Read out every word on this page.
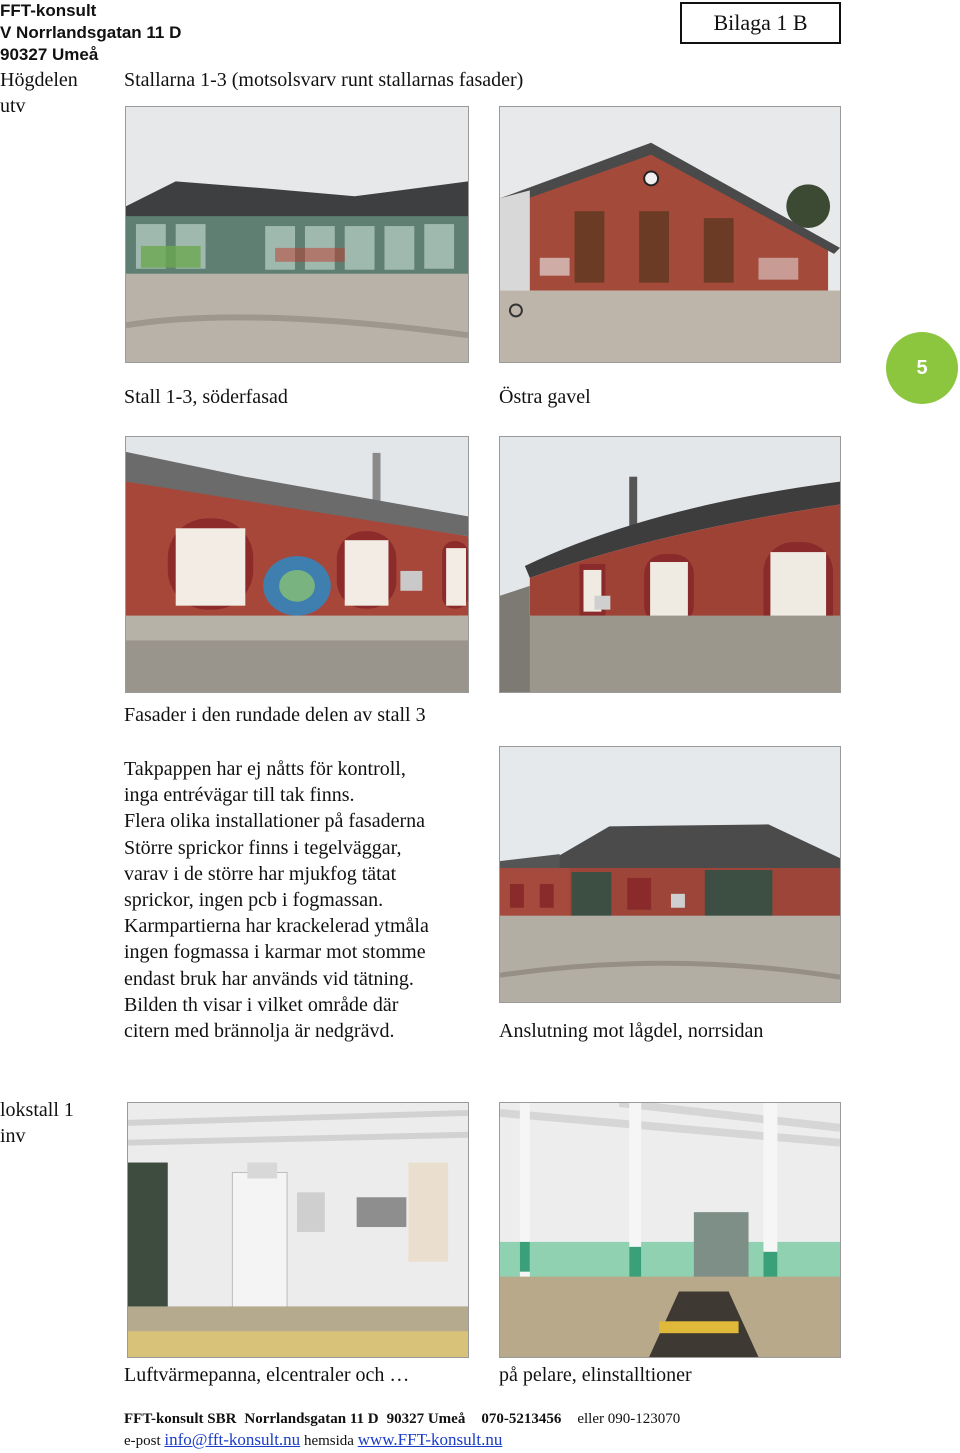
FFT-konsult
V Norrlandsgatan 11 D
90327 Umeå
Bilaga 1 B
Högdelen
utv
Stallarna 1-3 (motsolsvarv runt stallarnas fasader)
5
Stall 1-3, söderfasad	Östra gavel
Fasader i den rundade delen av stall 3
Takpappen har ej nåtts för kontroll,
inga entrévägar till tak finns.
Flera olika installationer på fasaderna
Större sprickor finns i tegelväggar,
varav i de större har mjukfog tätat
sprickor, ingen pcb i fogmassan.
Karmpartierna har krackelerad ytmåla
ingen fogmassa i karmar mot stomme
endast bruk har används vid tätning.
Bilden th visar i vilket område där
citern med brännolja är nedgrävd.	Anslutning mot lågdel, norrsidan
lokstall 1
inv
Luftvärmepanna, elcentraler och …	på pelare, elinstalltioner
FFT-konsult SBR Norrlandsgatan 11 D 90327 Umeå 070-5213456 eller 090-123070
e-post info@fft-konsult.nu hemsida www.FFT-konsult.nu
